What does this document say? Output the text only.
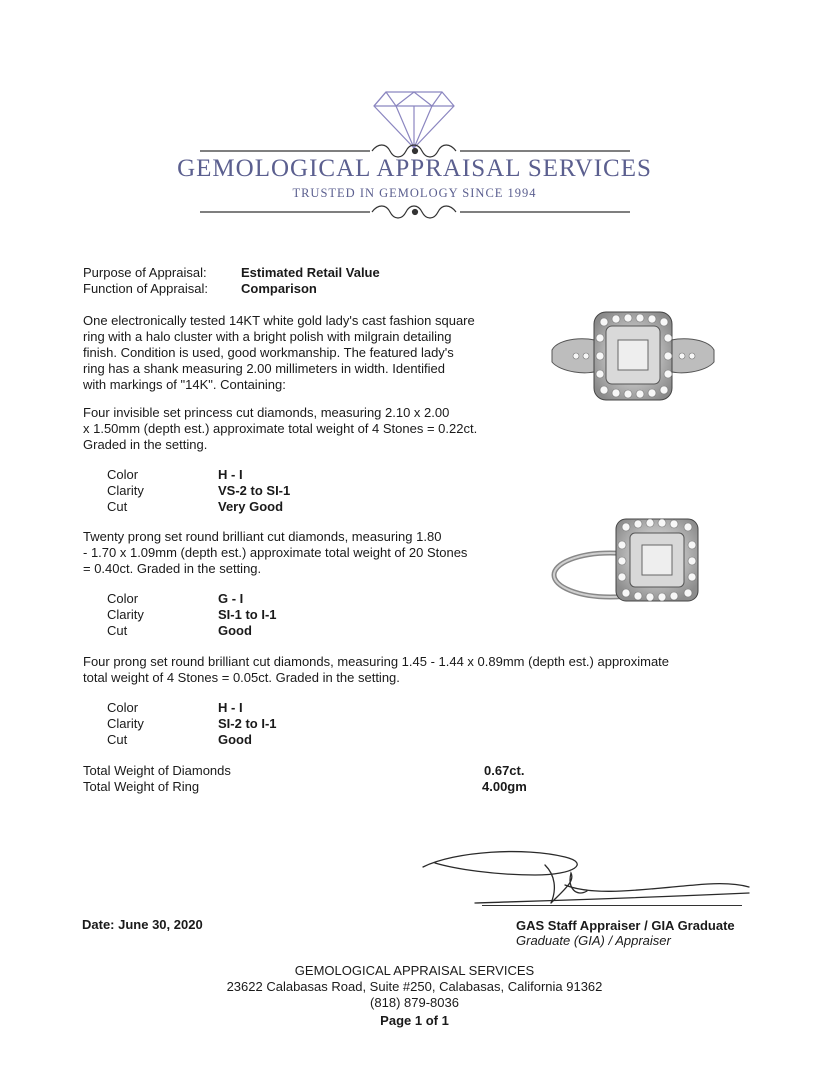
GEMOLOGICAL APPRAISAL SERVICES
TRUSTED IN GEMOLOGY SINCE 1994
Purpose of Appraisal:	Estimated Retail Value
Function of Appraisal:	Comparison
One electronically tested 14KT white gold lady's cast fashion square
ring with a halo cluster with a bright polish with milgrain detailing
finish. Condition is used, good workmanship. The featured lady's
ring has a shank measuring 2.00 millimeters in width. Identified
with markings of "14K". Containing:
Four invisible set princess cut diamonds, measuring 2.10 x 2.00
x 1.50mm (depth est.) approximate total weight of 4 Stones = 0.22ct.
Graded in the setting.
Color	H - I
Clarity	VS-2 to SI-1
Cut	Very Good
Twenty prong set round brilliant cut diamonds, measuring 1.80
- 1.70 x 1.09mm (depth est.) approximate total weight of 20 Stones
= 0.40ct. Graded in the setting.
Color	G - I
Clarity	SI-1 to I-1
Cut	Good
Four prong set round brilliant cut diamonds, measuring 1.45 - 1.44 x 0.89mm (depth est.) approximate
total weight of 4 Stones = 0.05ct. Graded in the setting.
Color	H - I
Clarity	SI-2 to I-1
Cut	Good
Total Weight of Diamonds	0.67ct.
Total Weight of Ring	4.00gm
Date: June 30, 2020	GAS Staff Appraiser / GIA Graduate
Graduate (GIA) / Appraiser
GEMOLOGICAL APPRAISAL SERVICES
23622 Calabasas Road, Suite #250, Calabasas, California 91362
(818) 879-8036
Page 1 of 1
